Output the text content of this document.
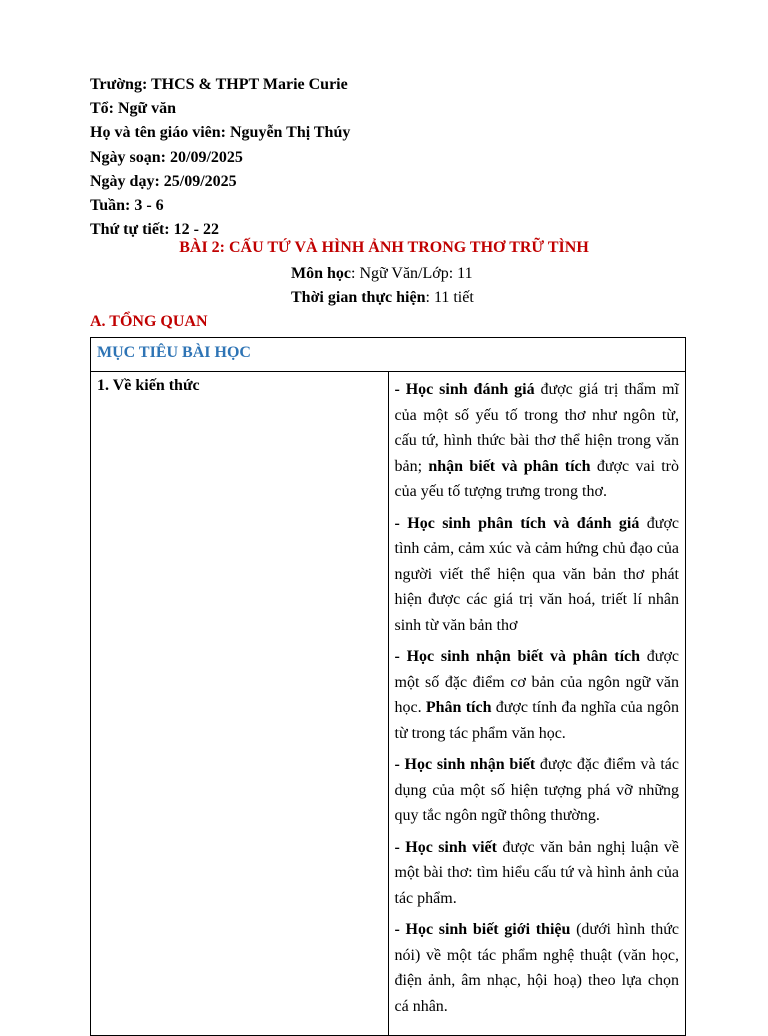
Trường: THCS & THPT Marie Curie
Tổ: Ngữ văn
Họ và tên giáo viên: Nguyễn Thị Thúy
Ngày soạn: 20/09/2025
Ngày dạy: 25/09/2025
Tuần: 3 - 6
Thứ tự tiết: 12 - 22
BÀI 2: CẤU TỨ VÀ HÌNH ẢNH TRONG THƠ TRỮ TÌNH
Môn học: Ngữ Văn/Lớp: 11
Thời gian thực hiện: 11 tiết
A. TỔNG QUAN
MỤC TIÊU BÀI HỌC

1. Về kiến thức	- Học sinh đánh giá được giá trị thẩm mĩ của một số yếu tố trong thơ như ngôn từ, cấu tứ, hình thức bài thơ thể hiện trong văn bản; nhận biết và phân tích được vai trò của yếu tố tượng trưng trong thơ.

- Học sinh phân tích và đánh giá được tình cảm, cảm xúc và cảm hứng chủ đạo của người viết thể hiện qua văn bản thơ phát hiện được các giá trị văn hoá, triết lí nhân sinh từ văn bản thơ

- Học sinh nhận biết và phân tích được một số đặc điểm cơ bản của ngôn ngữ văn học. Phân tích được tính đa nghĩa của ngôn từ trong tác phẩm văn học.

- Học sinh nhận biết được đặc điểm và tác dụng của một số hiện tượng phá vỡ những quy tắc ngôn ngữ thông thường.

- Học sinh viết được văn bản nghị luận về một bài thơ: tìm hiểu cấu tứ và hình ảnh của tác phẩm.

- Học sinh biết giới thiệu (dưới hình thức nói) về một tác phẩm nghệ thuật (văn học, điện ảnh, âm nhạc, hội hoạ) theo lựa chọn cá nhân.
